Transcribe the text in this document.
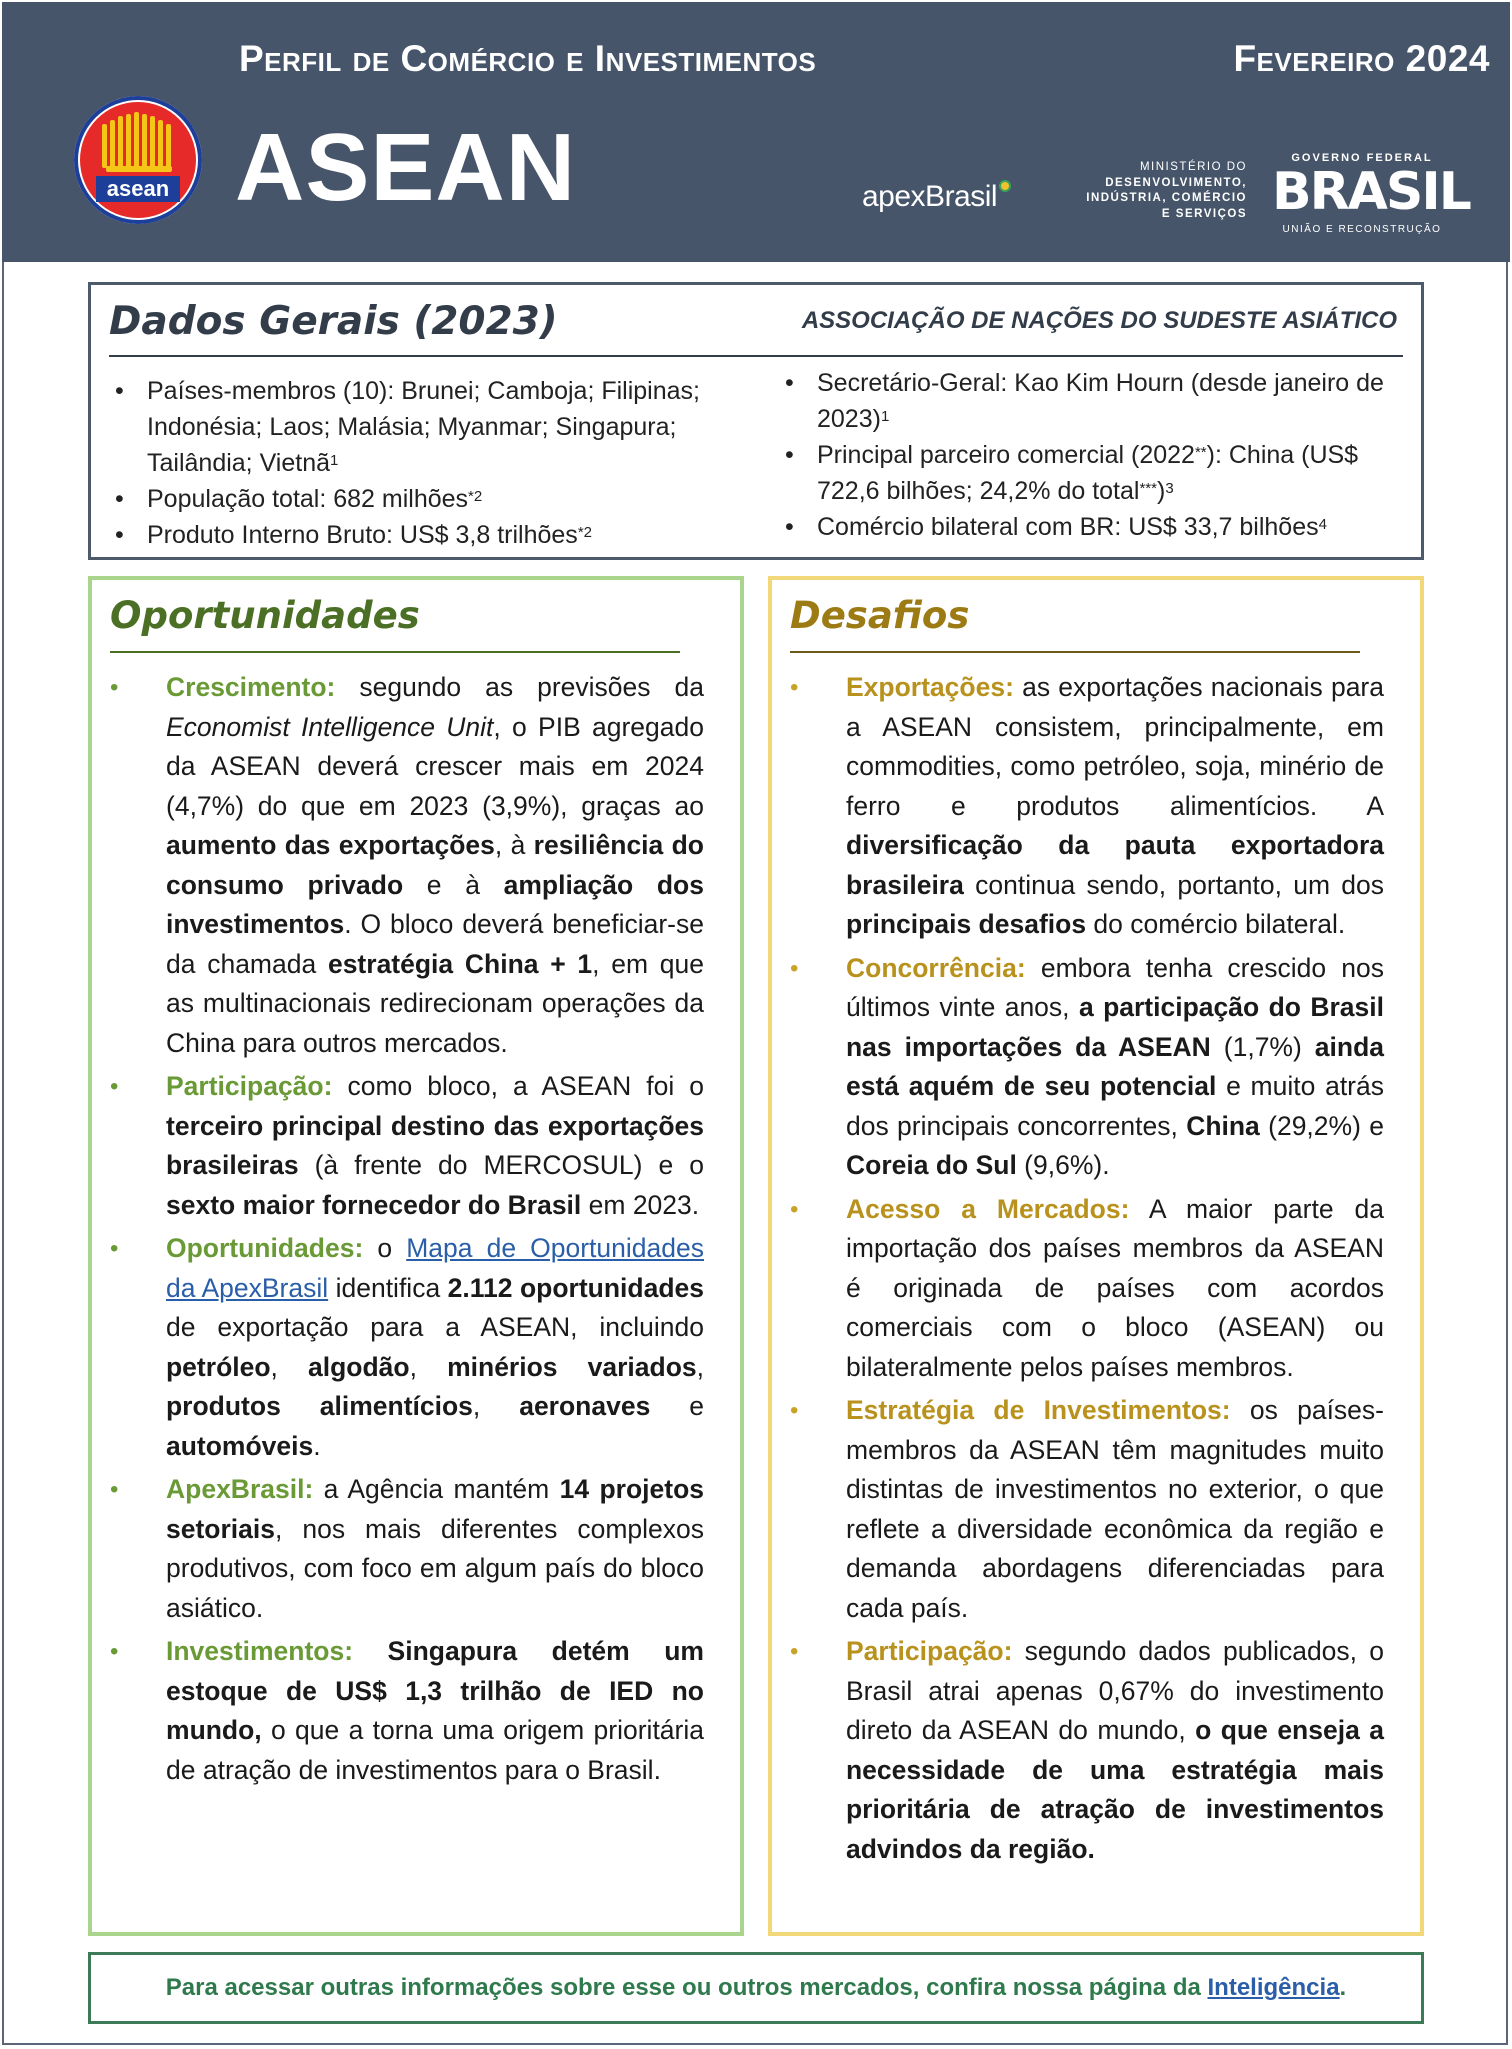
Perfil de Comércio e Investimentos	Fevereiro 2024
asean ASEAN	apexBrasil
MINISTÉRIO DO
DESENVOLVIMENTO,
INDÚSTRIA, COMÉRCIO
E SERVIÇOS
GOVERNO FEDERAL
BRASIL
UNIÃO E RECONSTRUÇÃO
Dados Gerais (2023)	ASSOCIAÇÃO DE NAÇÕES DO SUDESTE ASIÁTICO
• Países-membros (10): Brunei; Camboja; Filipinas; Indonésia; Laos; Malásia; Myanmar; Singapura; Tailândia; Vietnã$^1$
• População total: 682 milhões$^{*2}$
• Produto Interno Bruto: US$ 3,8 trilhões$^{*2}$
• Secretário-Geral: Kao Kim Hourn (desde janeiro de 2023)$^1$
• Principal parceiro comercial (2022**): China (US$ 722,6 bilhões; 24,2% do total***)$^3$
• Comércio bilateral com BR: US$ 33,7 bilhões$^4$
Oportunidades
• Crescimento: segundo as previsões da Economist Intelligence Unit, o PIB agregado da ASEAN deverá crescer mais em 2024 (4,7%) do que em 2023 (3,9%), graças ao aumento das exportações, à resiliência do consumo privado e à ampliação dos investimentos. O bloco deverá beneficiar-se da chamada estratégia China + 1, em que as multinacionais redirecionam operações da China para outros mercados.
• Participação: como bloco, a ASEAN foi o terceiro principal destino das exportações brasileiras (à frente do MERCOSUL) e o sexto maior fornecedor do Brasil em 2023.
• Oportunidades: o Mapa de Oportunidades da ApexBrasil identifica 2.112 oportunidades de exportação para a ASEAN, incluindo petróleo, algodão, minérios variados, produtos alimentícios, aeronaves e automóveis.
• ApexBrasil: a Agência mantém 14 projetos setoriais, nos mais diferentes complexos produtivos, com foco em algum país do bloco asiático.
• Investimentos: Singapura detém um estoque de US$ 1,3 trilhão de IED no mundo, o que a torna uma origem prioritária de atração de investimentos para o Brasil.
Desafios
• Exportações: as exportações nacionais para a ASEAN consistem, principalmente, em commodities, como petróleo, soja, minério de ferro e produtos alimentícios. A diversificação da pauta exportadora brasileira continua sendo, portanto, um dos principais desafios do comércio bilateral.
• Concorrência: embora tenha crescido nos últimos vinte anos, a participação do Brasil nas importações da ASEAN (1,7%) ainda está aquém de seu potencial e muito atrás dos principais concorrentes, China (29,2%) e Coreia do Sul (9,6%).
• Acesso a Mercados: A maior parte da importação dos países membros da ASEAN é originada de países com acordos comerciais com o bloco (ASEAN) ou bilateralmente pelos países membros.
• Estratégia de Investimentos: os países-membros da ASEAN têm magnitudes muito distintas de investimentos no exterior, o que reflete a diversidade econômica da região e demanda abordagens diferenciadas para cada país.
• Participação: segundo dados publicados, o Brasil atrai apenas 0,67% do investimento direto da ASEAN do mundo, o que enseja a necessidade de uma estratégia mais prioritária de atração de investimentos advindos da região.

Para acessar outras informações sobre esse ou outros mercados, confira nossa página da Inteligência.
